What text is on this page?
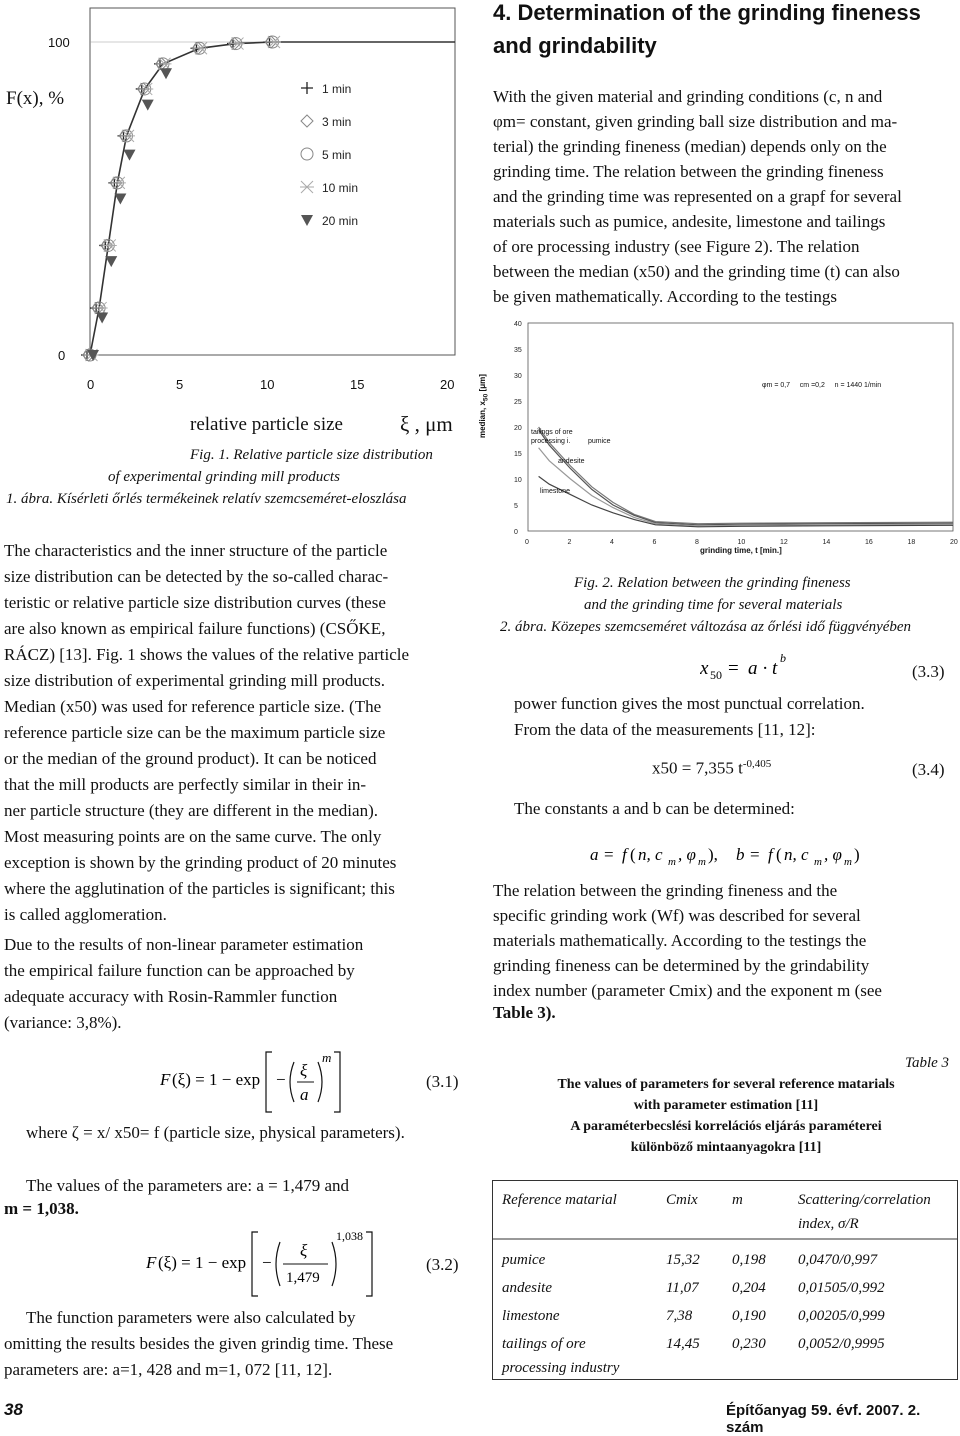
F(x), %	1 min
3 min
5 min
10 min
20 min
100
0
0	5	10	15	20
relative particle size	ξ , μm
Fig. 1. Relative particle size distribution
of experimental grinding mill products
1. ábra. Kísérleti őrlés termékeinek relatív szemcseméret-eloszlása
4. Determination of the grinding fineness
and grindability
With the given material and grinding conditions (c, n and
φm= constant, given grinding ball size distribution and ma-
terial) the grinding fineness (median) depends only on the
grinding time. The relation between the grinding fineness
and the grinding time was represented on a grapf for several
materials such as pumice, andesite, limestone and tailings
of ore processing industry (see Figure 2). The relation
between the median (x50) and the grinding time (t) can also
be given mathematically. According to the testings
0
5
10
15
20
25
30
35
40
0	2	4	6	8	10	12	14	16	18	20
median, $x_{50}$ [μm]	φm = 0,7     cm =0,2     n = 1440 1/min
tailings of ore
processing i.	pumice
andesite
limestone
grinding time, t [min.]
Fig. 2. Relation between the grinding fineness
and the grinding time for several materials
2. ábra. Közepes szemcseméret változása az őrlési idő függvényében
The characteristics and the inner structure of the particle
size distribution can be detected by the so-called charac-
teristic or relative particle size distribution curves (these
are also known as empirical failure functions) (CSŐKE,
RÁCZ) [13]. Fig. 1 shows the values of the relative particle
size distribution of experimental grinding mill products.
Median (x50) was used for reference particle size. (The
reference particle size can be the maximum particle size
or the median of the ground product). It can be noticed
that the mill products are perfectly similar in their in-
ner particle structure (they are different in the median).
Most measuring points are on the same curve. The only
exception is shown by the grinding product of 20 minutes
where the agglutination of the particles is significant; this
is called agglomeration.
Due to the results of non-linear parameter estimation
the empirical failure function can be approached by
adequate accuracy with Rosin-Rammler function
(variance: 3,8%).
F (ξ) = 1 − exp − ξ
a
m
(3.1)
where ζ = x/ x50= f (particle size, physical parameters).
The values of the parameters are: a = 1,479 and
m = 1,038.
F (ξ) = 1 − exp −
ξ
1,479
1,038
(3.2)
The function parameters were also calculated by
omitting the results besides the given grindig time. These
parameters are: a=1, 428 and m=1, 072 [11, 12].
x 50 = a · t b
(3.3)
power function gives the most punctual correlation.
From the data of the measurements [11, 12]:
x50 = 7,355 $t^{-0,405}$	(3.4)
The constants a and b can be determined:
a = f ( n, c m , φ m ), b = f ( n, c m , φ m )
The relation between the grinding fineness and the
specific grinding work (Wf) was described for several
materials mathematically. According to the testings the
grinding fineness can be determined by the grindability
index number (parameter Cmix) and the exponent m (see
Table 3).
Table 3
The values of parameters for several reference matarials
with parameter estimation [11]
A paraméterbecslési korrelációs eljárás paraméterei
különböző mintaanyagokra [11]
Reference matarial	Cmix	m	Scattering/correlation
index, σ/R

pumice	15,32	0,198	0,0470/0,997
andesite	11,07	0,204	0,01505/0,992
limestone	7,38	0,190	0,00205/0,999

tailings of ore
processing industry	14,45	0,230	0,0052/0,9995
38	Építőanyag 59. évf. 2007. 2. szám
